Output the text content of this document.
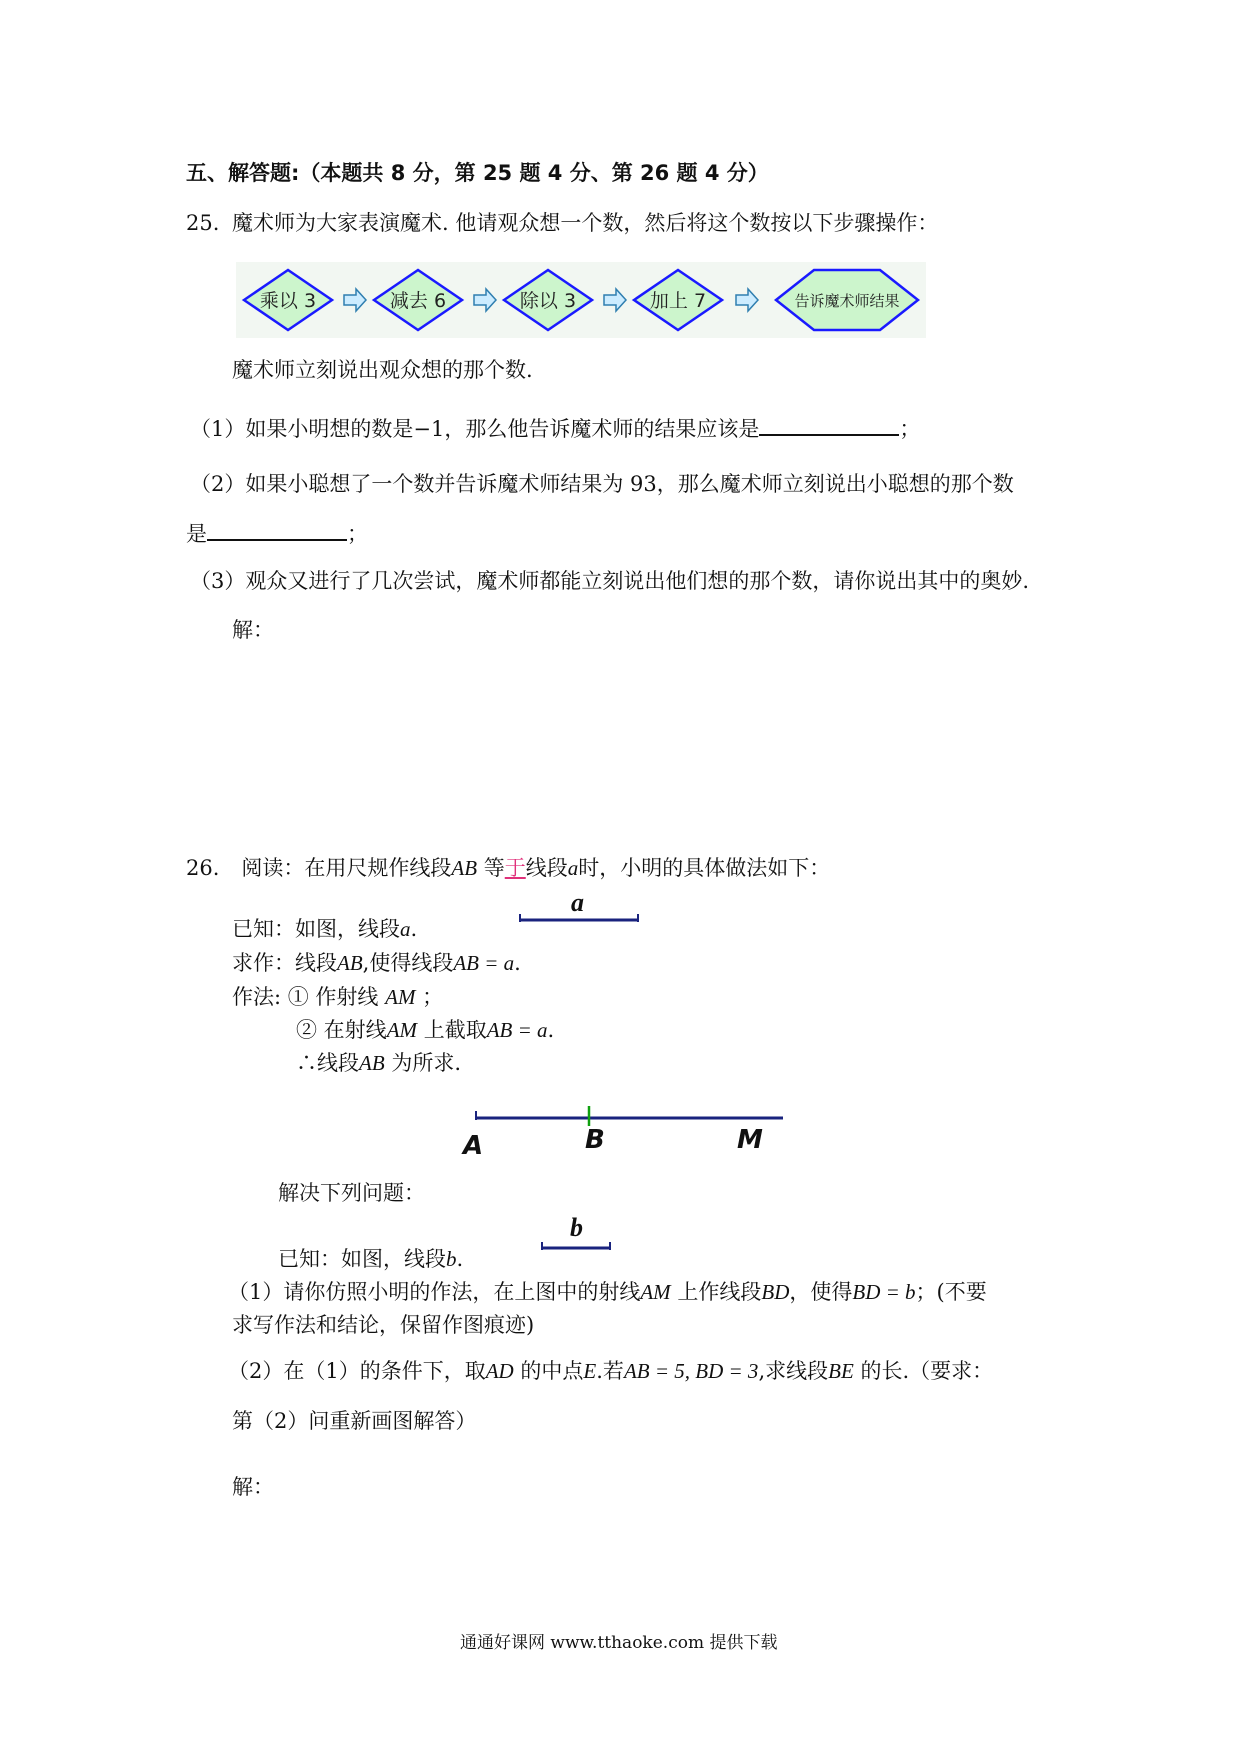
五、解答题:（本题共 8 分，第 25 题 4 分、第 26 题 4 分）
25. 魔术师为大家表演魔术. 他请观众想一个数，然后将这个数按以下步骤操作：
乘以 3	减去 6	除以 3	加上 7	告诉魔术师结果
魔术师立刻说出观众想的那个数.
（1）如果小明想的数是−1，那么他告诉魔术师的结果应该是	；
（2）如果小聪想了一个数并告诉魔术师结果为 93，那么魔术师立刻说出小聪想的那个数
是	；
（3）观众又进行了几次尝试，魔术师都能立刻说出他们想的那个数，请你说出其中的奥妙.
解：
26. 阅读：在用尺规作线段AB 等于线段a时，小明的具体做法如下：
a
已知：如图，线段a.
求作：线段AB,使得线段AB = a.
作法: ① 作射线 AM ；
② 在射线AM 上截取AB = a.
∴线段AB 为所求.
A	B	M
解决下列问题：
b
已知：如图，线段b.
（1）请你仿照小明的作法，在上图中的射线AM 上作线段BD，使得BD = b；(不要
求写作法和结论，保留作图痕迹)
（2）在（1）的条件下，取AD 的中点E.若AB = 5, BD = 3,求线段BE 的长.（要求：
第（2）问重新画图解答）
解：
通通好课网 www.tthaoke.com 提供下载
